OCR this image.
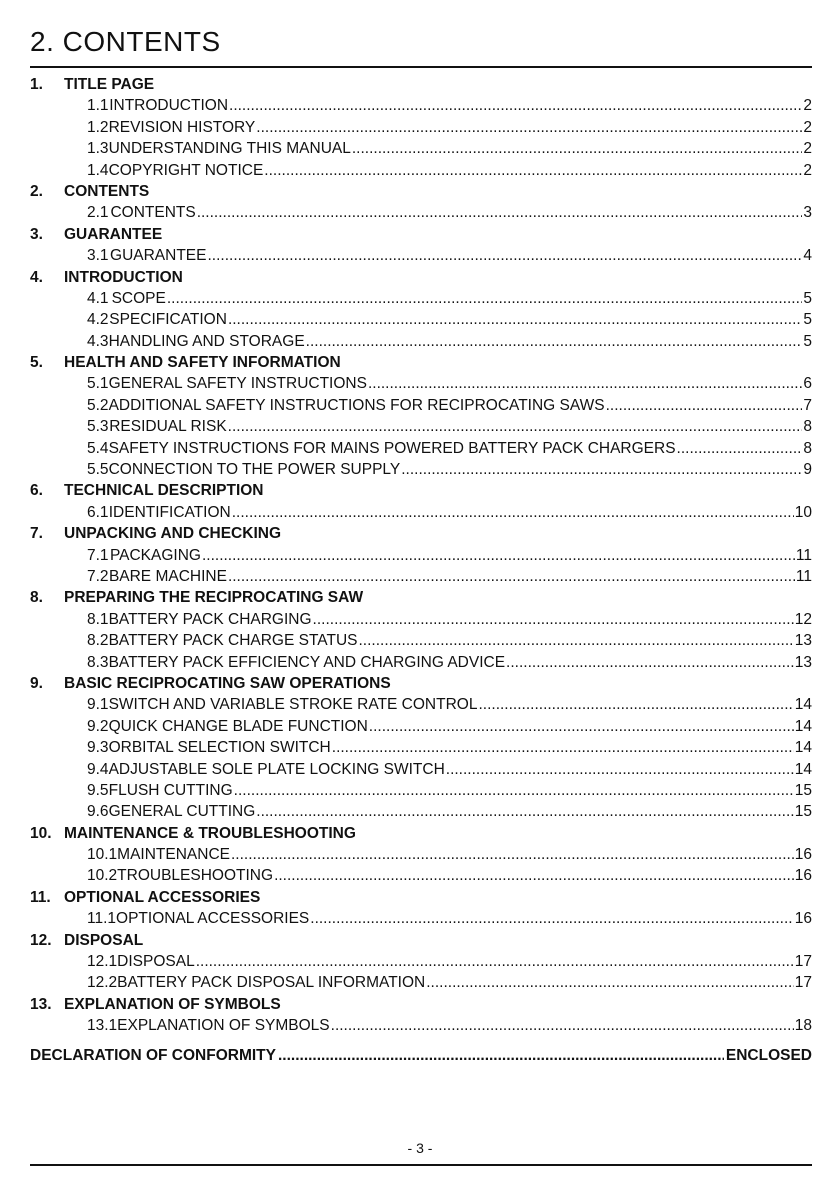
2. CONTENTS
1.	TITLE PAGE
1.1 INTRODUCTION .....	2
1.2 REVISION HISTORY .....	2
1.3 UNDERSTANDING THIS MANUAL .....	2
1.4 COPYRIGHT NOTICE .....	2
2.	CONTENTS
2.1 CONTENTS .....	3
3.	GUARANTEE
3.1 GUARANTEE .....	4
4.	INTRODUCTION
4.1 SCOPE .....	5
4.2 SPECIFICATION .....	5
4.3 HANDLING AND STORAGE .....	5
5.	HEALTH AND SAFETY INFORMATION
5.1 GENERAL SAFETY INSTRUCTIONS .....	6
5.2 ADDITIONAL SAFETY INSTRUCTIONS FOR RECIPROCATING SAWS .....	7
5.3 RESIDUAL RISK .....	8
5.4 SAFETY INSTRUCTIONS FOR MAINS POWERED BATTERY PACK CHARGERS .....	8
5.5 CONNECTION TO THE POWER SUPPLY .....	9
6.	TECHNICAL DESCRIPTION
6.1 IDENTIFICATION .....	10
7.	UNPACKING AND CHECKING
7.1 PACKAGING .....	11
7.2 BARE MACHINE .....	11
8.	PREPARING THE RECIPROCATING SAW
8.1 BATTERY PACK CHARGING .....	12
8.2 BATTERY PACK CHARGE STATUS .....	13
8.3 BATTERY PACK EFFICIENCY AND CHARGING ADVICE .....	13
9.	BASIC RECIPROCATING SAW OPERATIONS
9.1 SWITCH AND VARIABLE STROKE RATE CONTROL .....	14
9.2 QUICK CHANGE BLADE FUNCTION .....	14
9.3 ORBITAL SELECTION SWITCH .....	14
9.4 ADJUSTABLE SOLE PLATE LOCKING SWITCH .....	14
9.5 FLUSH CUTTING .....	15
9.6 GENERAL CUTTING .....	15
10. MAINTENANCE & TROUBLESHOOTING
10.1 MAINTENANCE .....	16
10.2 TROUBLESHOOTING .....	16
11. OPTIONAL ACCESSORIES
11.1 OPTIONAL ACCESSORIES .....	16
12. DISPOSAL
12.1 DISPOSAL .....	17
12.2 BATTERY PACK DISPOSAL INFORMATION .....	17
13. EXPLANATION OF SYMBOLS
13.1 EXPLANATION OF SYMBOLS .....	18
DECLARATION OF CONFORMITY .....	ENCLOSED
- 3 -
